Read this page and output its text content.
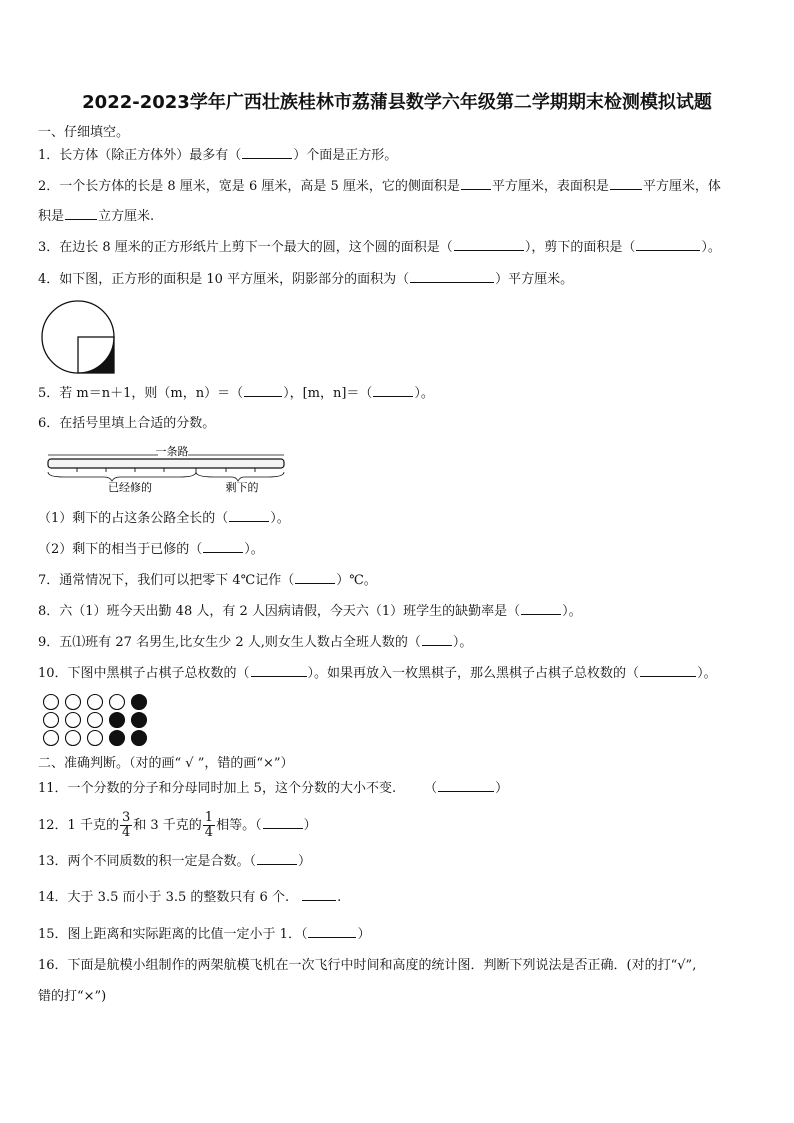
2022-2023学年广西壮族桂林市荔蒲县数学六年级第二学期期末检测模拟试题
一、仔细填空。
1．长方体（除正方体外）最多有（	）个面是正方形。
2．一个长方体的长是 8 厘米，宽是 6 厘米，高是 5 厘米，它的侧面积是 平方厘米，表面积是	平方厘米，体
积是	立方厘米.
3．在边长 8 厘米的正方形纸片上剪下一个最大的圆，这个圆的面积是（	），剪下的面积是（	）。
4．如下图，正方形的面积是 10 平方厘米，阴影部分的面积为（	）平方厘米。
5．若 m＝n＋1，则（m，n）＝（	），[m，n]＝（	）。
6．在括号里填上合适的分数。
一条路
已经修的	剩下的
（1）剩下的占这条公路全长的（	）。
（2）剩下的相当于已修的（	）。
7．通常情况下，我们可以把零下 4℃记作（	）℃。
8．六（1）班今天出勤 48 人，有 2 人因病请假，今天六（1）班学生的缺勤率是（	）。
9．五⑴班有 27 名男生,比女生少 2 人,则女生人数占全班人数的（ ）。
10．下图中黑棋子占棋子总枚数的（	）。如果再放入一枚黑棋子，那么黑棋子占棋子总枚数的（	）。
二、准确判断。（对的画“ √ ”，错的画“×”）
11．一个分数的分子和分母同时加上 5，这个分数的大小不变. （	）
12．1 千克的 $\frac{3}{4}$ 和 3 千克的 $\frac{1}{4}$ 相等。（	）
13．两个不同质数的积一定是合数。（	）
14．大于 3.5 而小于 3.5 的整数只有 6 个.	.
15．图上距离和实际距离的比值一定小于 1．（	）
16．下面是航模小组制作的两架航模飞机在一次飞行中时间和高度的统计图．判断下列说法是否正确．(对的打“√”,
错的打“×”)
